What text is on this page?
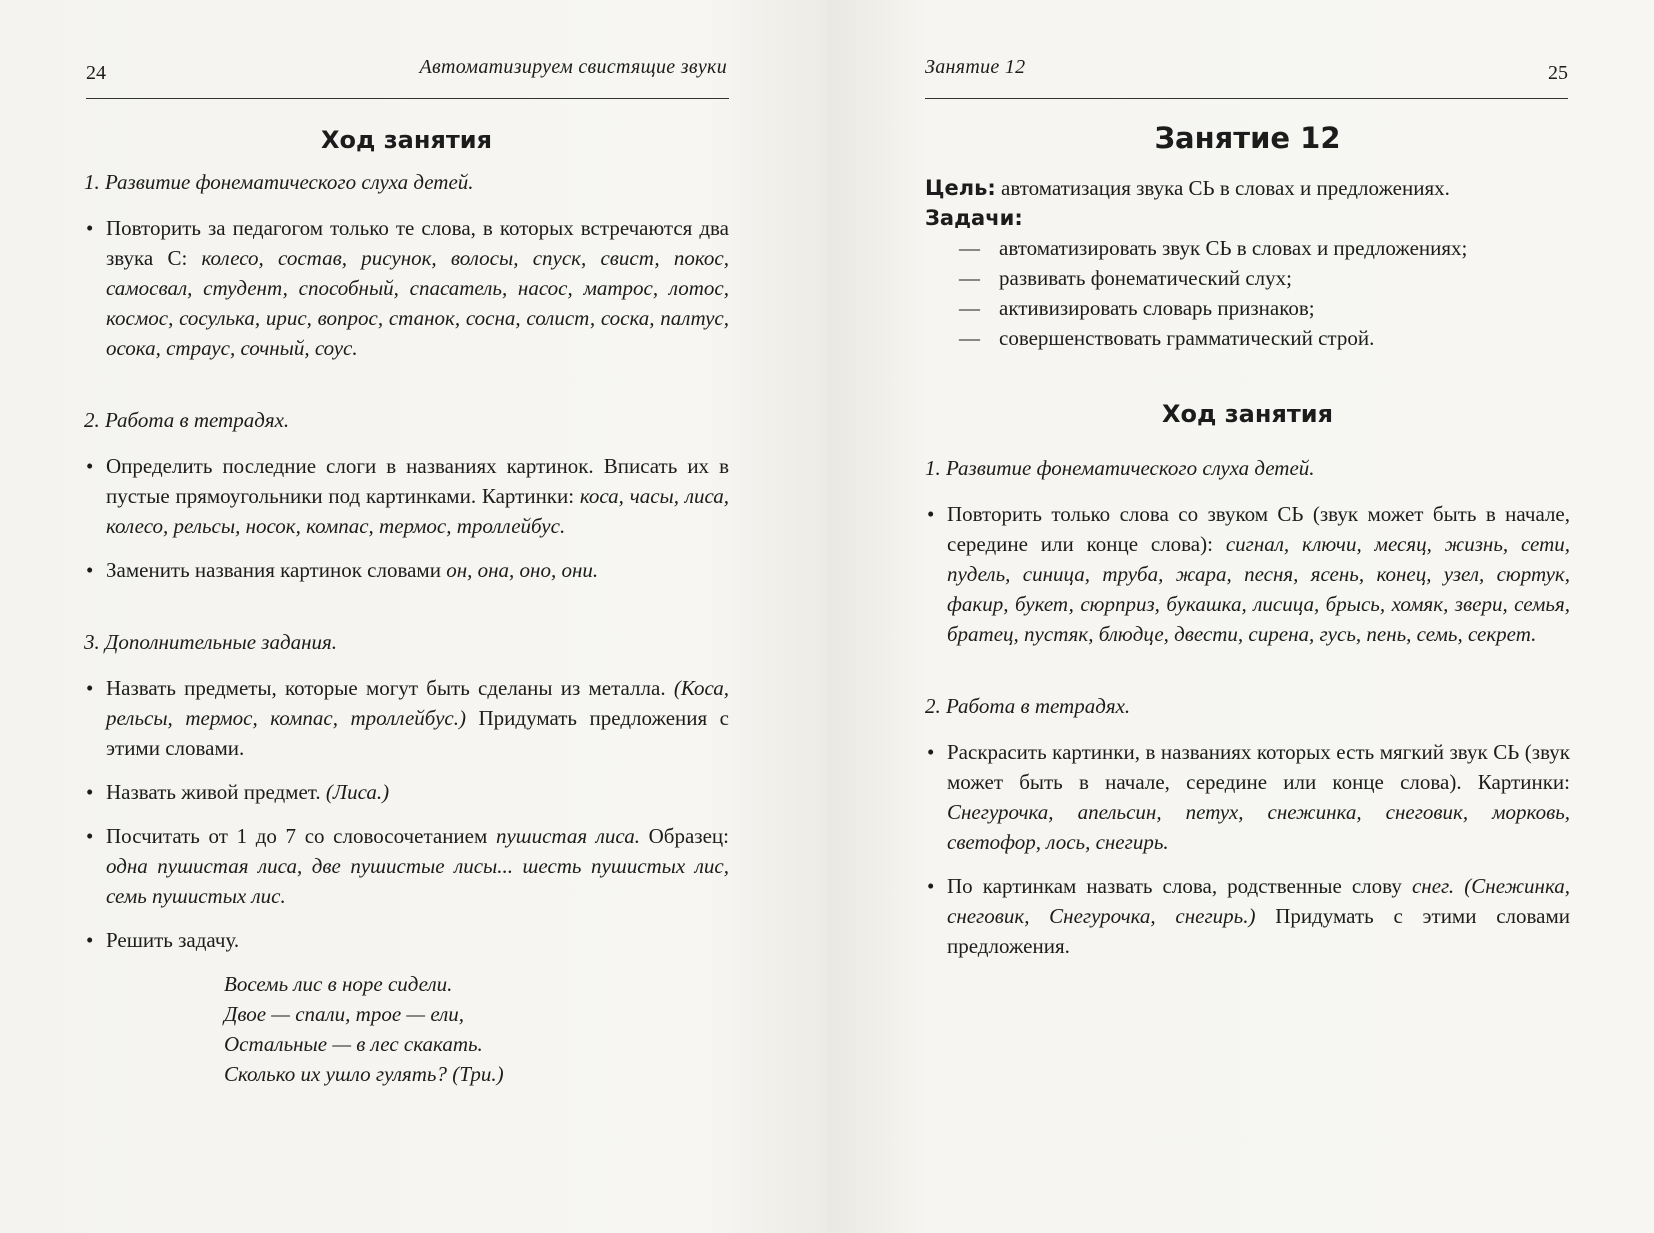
24	Автоматизируем свистящие звуки
Ход занятия

1. Развитие фонематического слуха детей.

• Повторить за педагогом только те слова, в которых встречаются два звука С: колесо, состав, рисунок, волосы, спуск, свист, покос, самосвал, студент, способный, спасатель, насос, матрос, лотос, космос, сосулька, ирис, вопрос, станок, сосна, солист, соска, палтус, осока, страус, сочный, соус.

2. Работа в тетрадях.

• Определить последние слоги в названиях картинок. Вписать их в пустые прямоугольники под картинками. Картинки: коса, часы, лиса, колесо, рельсы, носок, компас, термос, троллейбус.
• Заменить названия картинок словами он, она, оно, они.

3. Дополнительные задания.

• Назвать предметы, которые могут быть сделаны из металла. (Коса, рельсы, термос, компас, троллейбус.) Придумать предложения с этими словами.
• Назвать живой предмет. (Лиса.)
• Посчитать от 1 до 7 со словосочетанием пушистая лиса. Образец: одна пушистая лиса, две пушистые лисы... шесть пушистых лис, семь пушистых лис.
• Решить задачу.
Восемь лис в норе сидели.
Двое — спали, трое — ели,
Остальные — в лес скакать.
Сколько их ушло гулять? (Три.)
Занятие 12	25
Занятие 12

Цель: автоматизация звука СЬ в словах и предложениях.

Задачи:

— автоматизировать звук СЬ в словах и предложениях;

— развивать фонематический слух;

— активизировать словарь признаков;

— совершенствовать грамматический строй.

Ход занятия

1. Развитие фонематического слуха детей.

• Повторить только слова со звуком СЬ (звук может быть в начале, середине или конце слова): сигнал, ключи, месяц, жизнь, сети, пудель, синица, труба, жара, песня, ясень, конец, узел, сюртук, факир, букет, сюрприз, букашка, лисица, брысь, хомяк, звери, семья, братец, пустяк, блюдце, двести, сирена, гусь, пень, семь, секрет.

2. Работа в тетрадях.

• Раскрасить картинки, в названиях которых есть мягкий звук СЬ (звук может быть в начале, середине или конце слова). Картинки: Снегурочка, апельсин, петух, снежинка, снеговик, морковь, светофор, лось, снегирь.
• По картинкам назвать слова, родственные слову снег. (Снежинка, снеговик, Снегурочка, снегирь.) Придумать с этими словами предложения.
